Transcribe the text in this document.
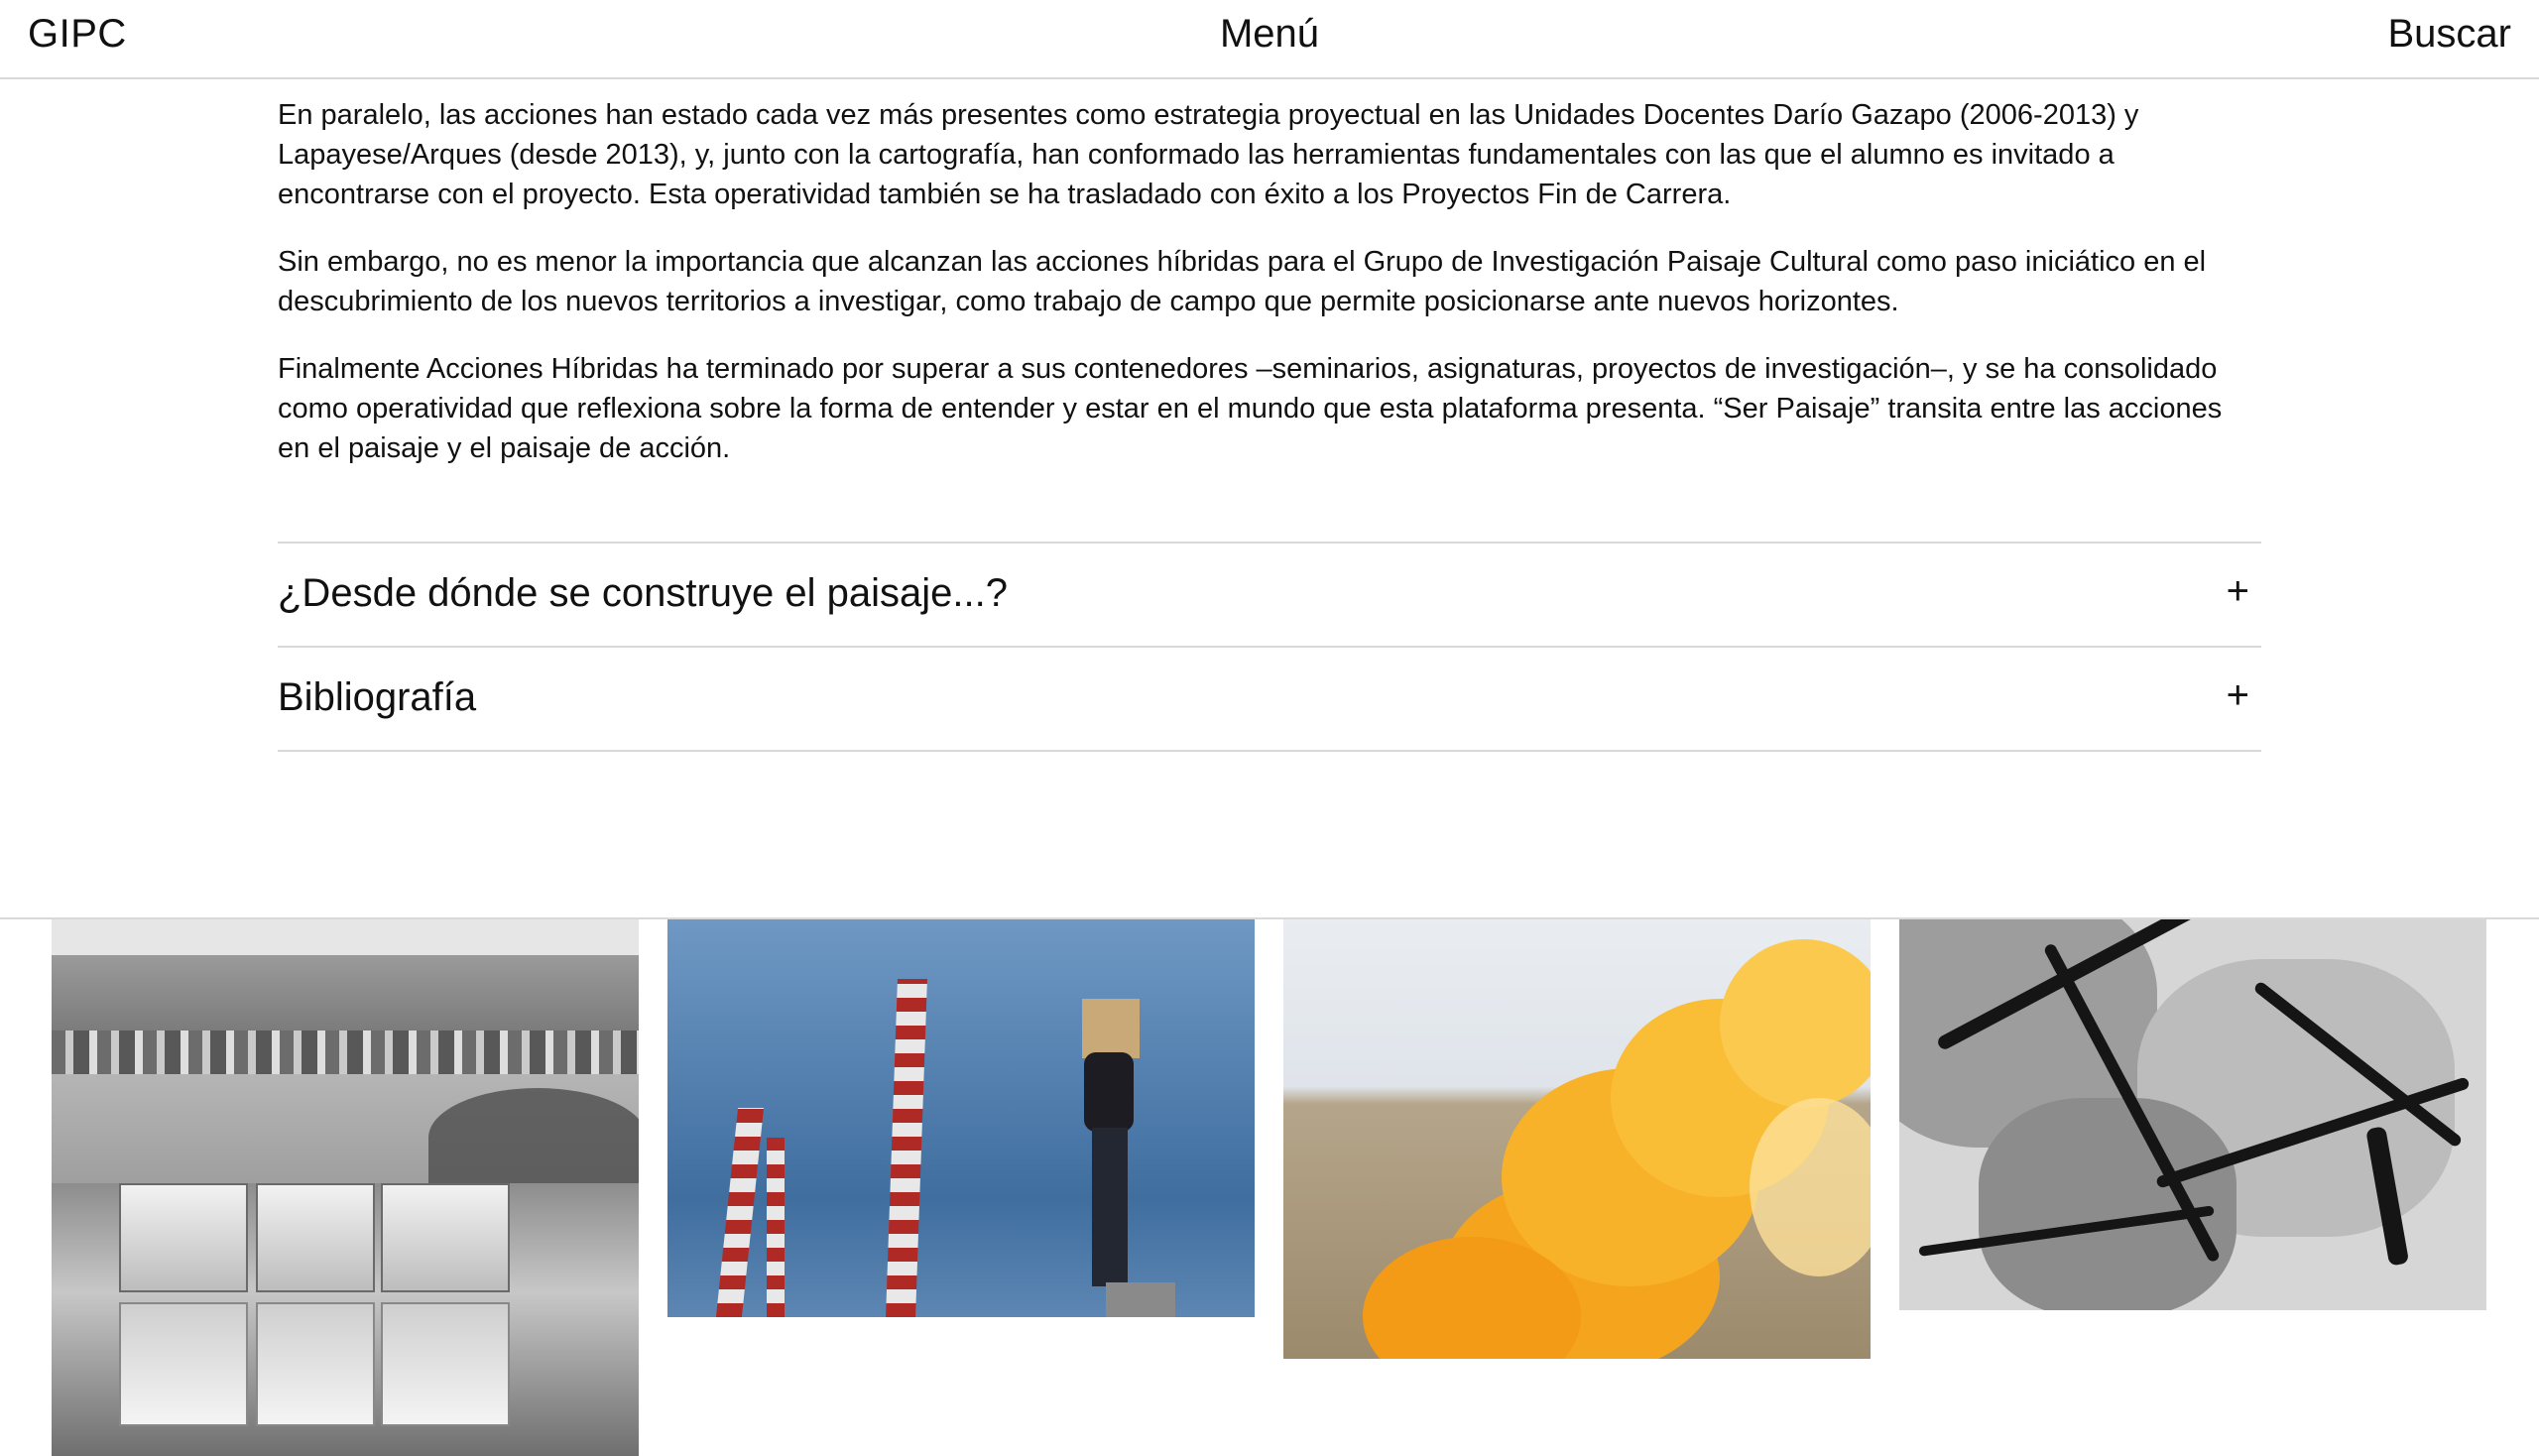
GIPC	Menú	Buscar

En paralelo, las acciones han estado cada vez más presentes como estrategia proyectual en las Unidades Docentes Darío Gazapo (2006-2013) y Lapayese/Arques (desde 2013), y, junto con la cartografía, han conformado las herramientas fundamentales con las que el alumno es invitado a encontrarse con el proyecto. Esta operatividad también se ha trasladado con éxito a los Proyectos Fin de Carrera.

Sin embargo, no es menor la importancia que alcanzan las acciones híbridas para el Grupo de Investigación Paisaje Cultural como paso iniciático en el descubrimiento de los nuevos territorios a investigar, como trabajo de campo que permite posicionarse ante nuevos horizontes.

Finalmente Acciones Híbridas ha terminado por superar a sus contenedores –seminarios, asignaturas, proyectos de investigación–, y se ha consolidado como operatividad que reflexiona sobre la forma de entender y estar en el mundo que esta plataforma presenta. “Ser Paisaje” transita entre las acciones en el paisaje y el paisaje de acción.

¿Desde dónde se construye el paisaje...?	+
Bibliografía	+
